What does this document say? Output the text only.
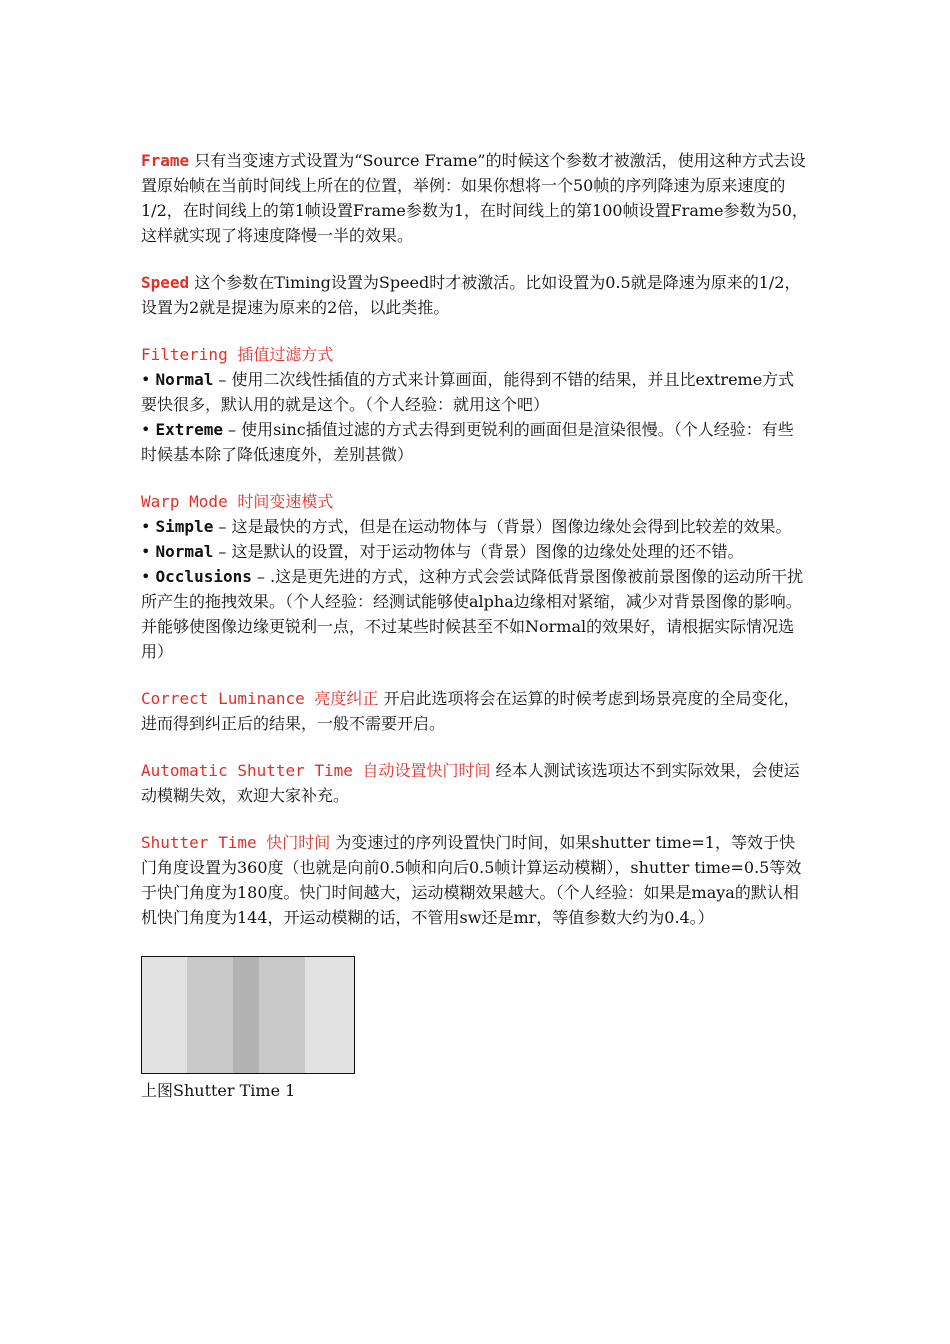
Frame 只有当变速方式设置为“Source Frame”的时候这个参数才被激活，使用这种方式去设置原始帧在当前时间线上所在的位置，举例：如果你想将一个50帧的序列降速为原来速度的1/2，在时间线上的第1帧设置Frame参数为1，在时间线上的第100帧设置Frame参数为50，这样就实现了将速度降慢一半的效果。

Speed 这个参数在Timing设置为Speed时才被激活。比如设置为0.5就是降速为原来的1/2，设置为2就是提速为原来的2倍，以此类推。

Filtering 插值过滤方式
• Normal – 使用二次线性插值的方式来计算画面，能得到不错的结果，并且比extreme方式要快很多，默认用的就是这个。（个人经验：就用这个吧）
• Extreme – 使用sinc插值过滤的方式去得到更锐利的画面但是渲染很慢。（个人经验：有些时候基本除了降低速度外，差别甚微）
Warp Mode 时间变速模式
• Simple – 这是最快的方式，但是在运动物体与（背景）图像边缘处会得到比较差的效果。
• Normal – 这是默认的设置，对于运动物体与（背景）图像的边缘处处理的还不错。
• Occlusions – .这是更先进的方式，这种方式会尝试降低背景图像被前景图像的运动所干扰所产生的拖拽效果。（个人经验：经测试能够使alpha边缘相对紧缩，减少对背景图像的影响。并能够使图像边缘更锐利一点，不过某些时候甚至不如Normal的效果好，请根据实际情况选用）

Correct Luminance 亮度纠正 开启此选项将会在运算的时候考虑到场景亮度的全局变化，进而得到纠正后的结果，一般不需要开启。

Automatic Shutter Time 自动设置快门时间 经本人测试该选项达不到实际效果，会使运动模糊失效，欢迎大家补充。

Shutter Time 快门时间 为变速过的序列设置快门时间，如果shutter time=1，等效于快门角度设置为360度（也就是向前0.5帧和向后0.5帧计算运动模糊），shutter time=0.5等效于快门角度为180度。快门时间越大，运动模糊效果越大。（个人经验：如果是maya的默认相机快门角度为144，开运动模糊的话，不管用sw还是mr，等值参数大约为0.4。）

上图Shutter Time 1
